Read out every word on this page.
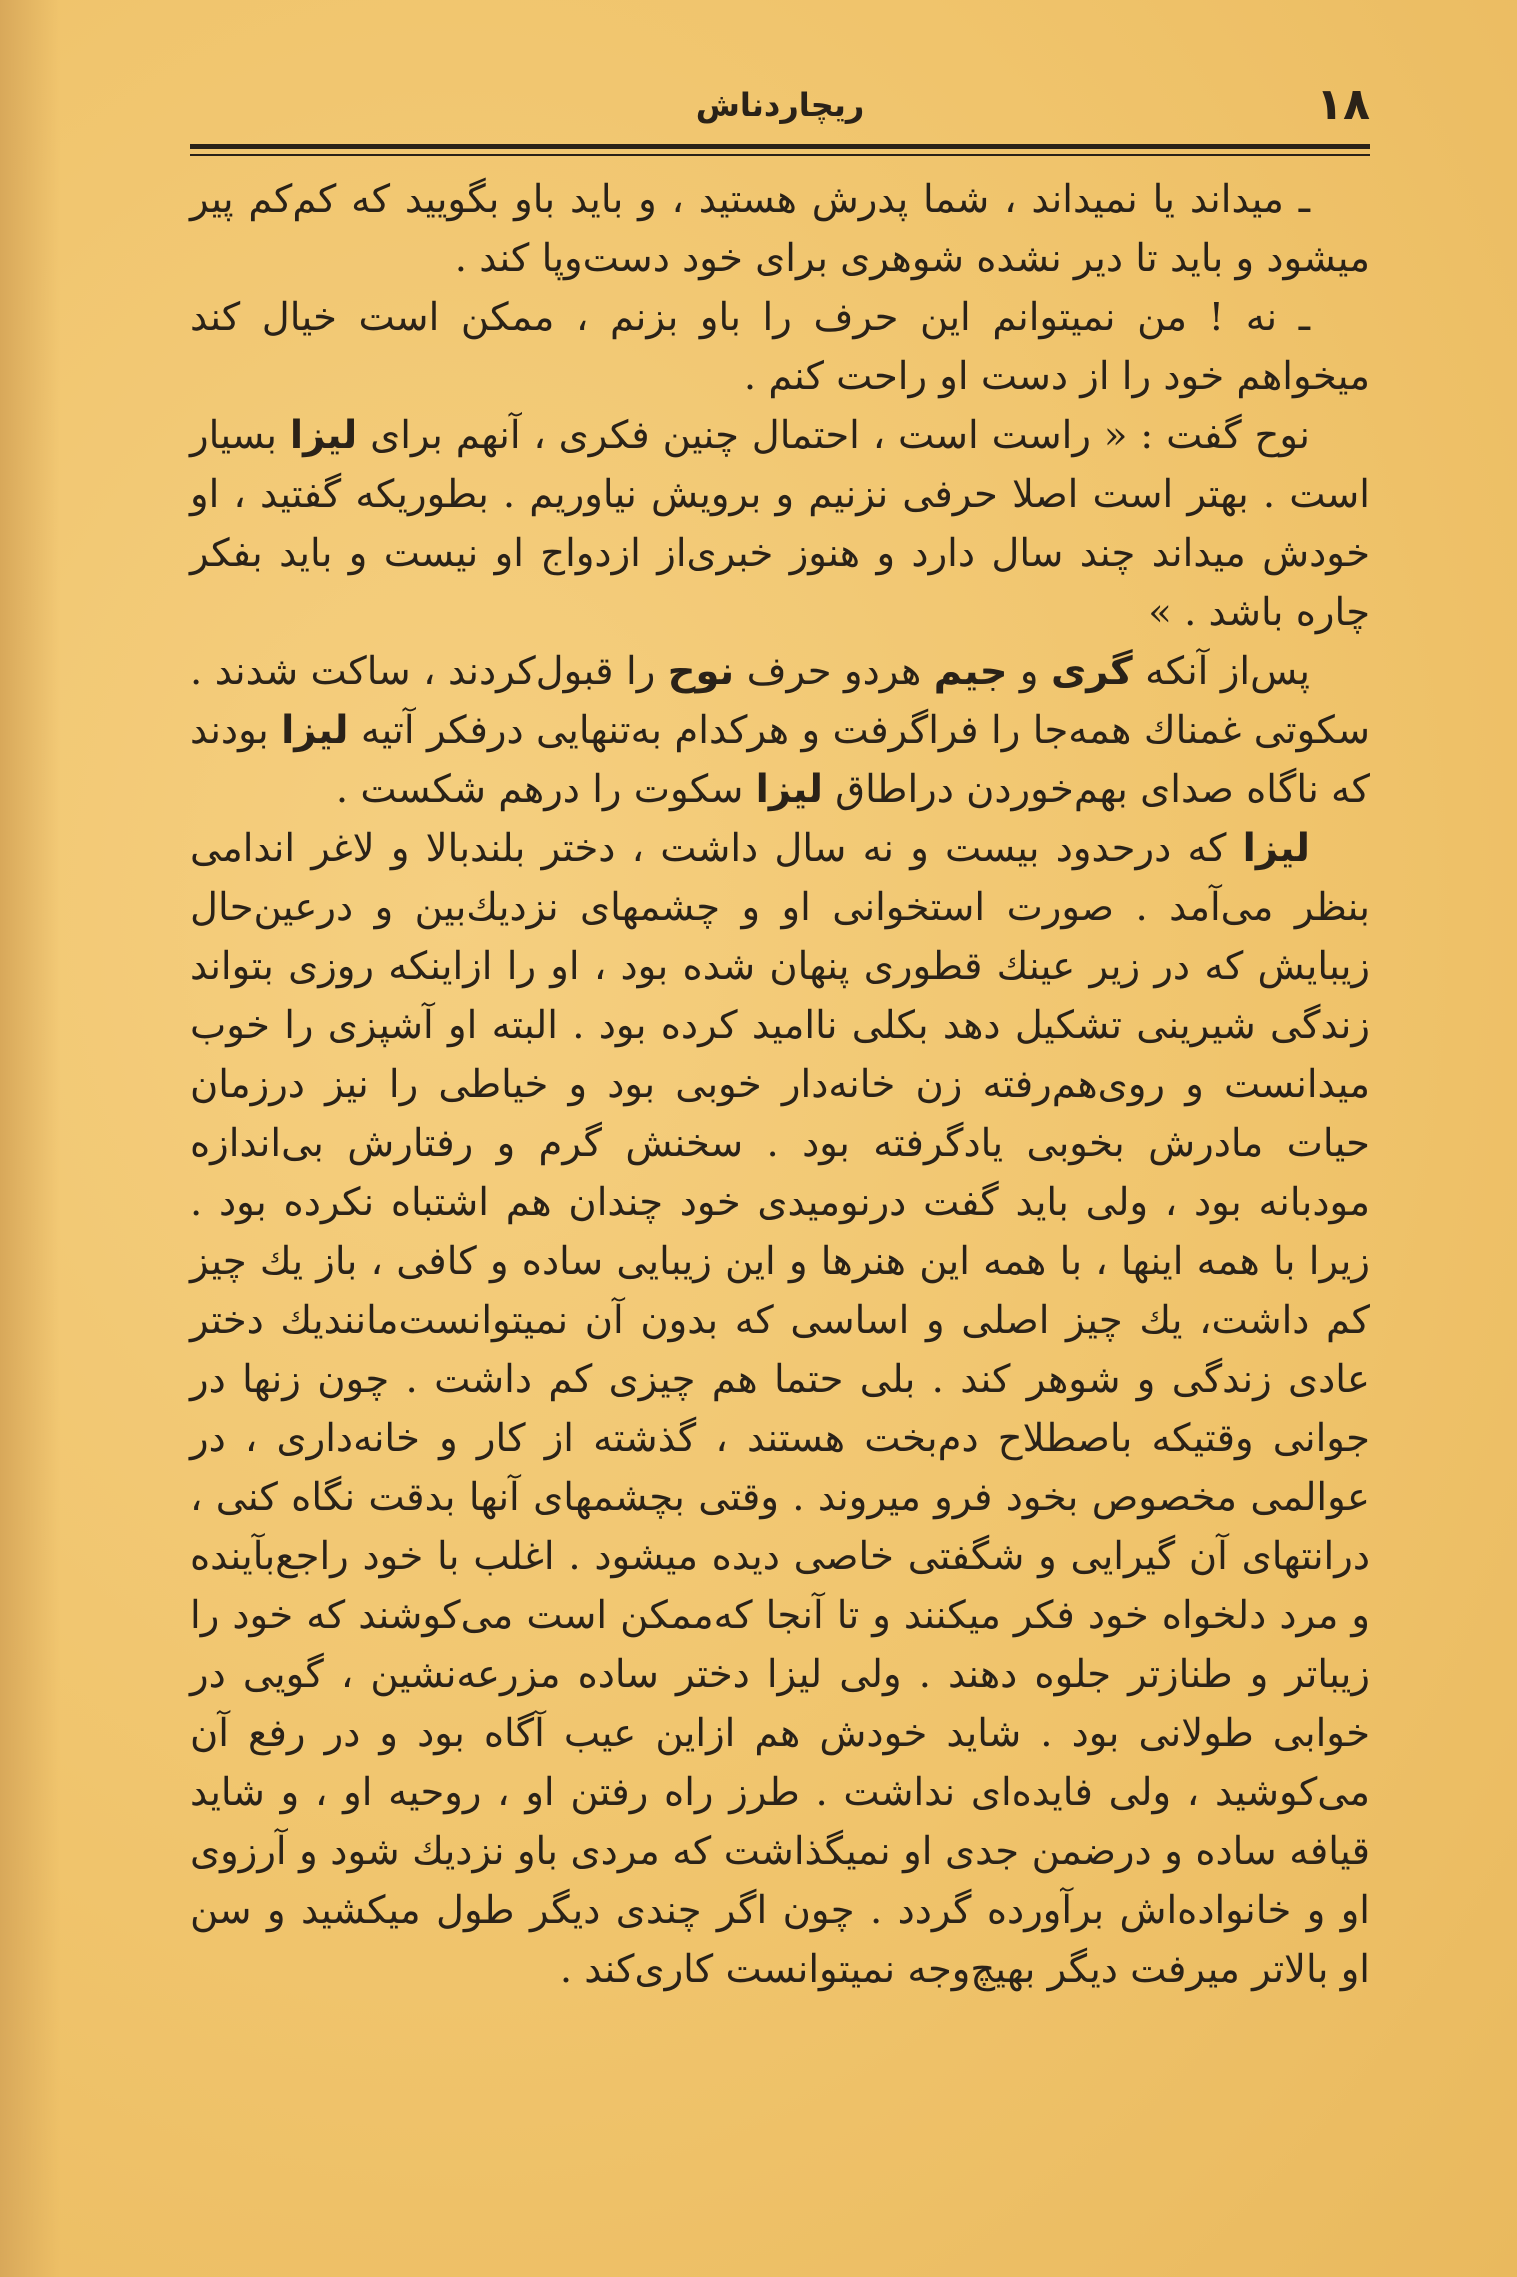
۱۸
ریچاردناش

ـ میداند یا نمیداند ، شما پدرش هستید ، و باید باو بگویید که کم‌کم پیر میشود و باید تا دیر نشده شوهری برای خود دست‌وپا کند .

ـ نه ! من نمیتوانم این حرف را باو بزنم ، ممکن است خیال کند میخواهم خود را از دست او راحت کنم .

نوح گفت : « راست است ، احتمال چنین فکری ، آنهم برای لیزا بسیار است . بهتر است اصلا حرفی نزنیم و برویش نیاوریم . بطوریکه گفتید ، او خودش میداند چند سال دارد و هنوز خبری‌از ازدواج او نیست و باید بفکر چاره باشد . »

پس‌از آنکه گری و جیم هردو حرف نوح را قبول‌کردند ، ساکت شدند . سکوتی غمناك همه‌جا را فراگرفت و هرکدام به‌تنهایی درفکر آتیه لیزا بودند که ناگاه صدای بهم‌خوردن دراطاق لیزا سکوت را درهم شکست .

لیزا که درحدود بیست و نه سال داشت ، دختر بلندبالا و لاغر اندامی بنظر می‌آمد . صورت استخوانی او و چشمهای نزدیك‌بین و درعین‌حال زیبایش که در زیر عینك قطوری پنهان شده بود ، او را ازاینکه روزی بتواند زندگی شیرینی تشکیل دهد بکلی ناامید کرده بود . البته او آشپزی را خوب میدانست و روی‌هم‌رفته زن خانه‌دار خوبی بود و خیاطی را نیز درزمان حیات مادرش بخوبی یادگرفته بود . سخنش گرم و رفتارش بی‌اندازه مودبانه بود ، ولی باید گفت درنومیدی خود چندان هم اشتباه نکرده بود . زیرا با همه اینها ، با همه این هنرها و این زیبایی ساده و کافی ، باز یك چیز کم داشت، یك چیز اصلی و اساسی که بدون آن نمیتوانست‌مانندیك دختر عادی زندگی و شوهر کند . بلی حتما هم چیزی کم داشت . چون زنها در جوانی وقتیکه باصطلاح دم‌بخت هستند ، گذشته از کار و خانه‌داری ، در عوالمی مخصوص بخود فرو میروند . وقتی بچشمهای آنها بدقت نگاه کنی ، درانتهای آن گیرایی و شگفتی خاصی دیده میشود . اغلب با خود راجع‌بآینده و مرد دلخواه خود فکر میکنند و تا آنجا که‌ممکن است می‌کوشند که خود را زیباتر و طنازتر جلوه دهند . ولی لیزا دختر ساده مزرعه‌نشین ، گویی در خوابی طولانی بود . شاید خودش هم ازاین عیب آگاه بود و در رفع آن می‌کوشید ، ولی فایده‌ای نداشت . طرز راه رفتن او ، روحیه او ، و شاید قیافه ساده و درضمن جدی او نمیگذاشت که مردی باو نزدیك شود و آرزوی او و خانواده‌اش برآورده گردد . چون اگر چندی دیگر طول میکشید و سن او بالاتر میرفت دیگر بهیچ‌وجه نمیتوانست کاری‌کند .
